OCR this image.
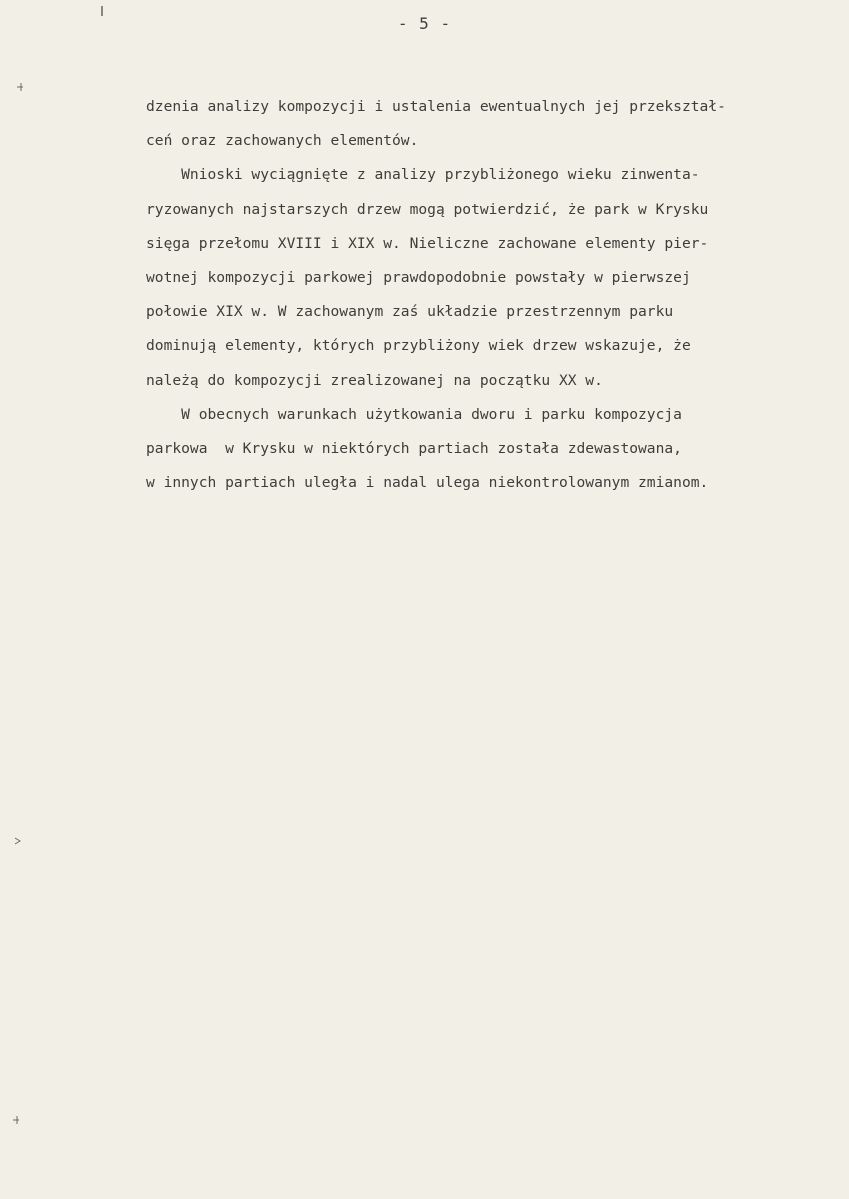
- 5 -
dzenia analizy kompozycji i ustalenia ewentualnych jej przekształ-
ceń oraz zachowanych elementów.
Wnioski wyciągnięte z analizy przybliżonego wieku zinwenta-
ryzowanych najstarszych drzew mogą potwierdzić, że park w Krysku
sięga przełomu XVIII i XIX w. Nieliczne zachowane elementy pier-
wotnej kompozycji parkowej prawdopodobnie powstały w pierwszej
połowie XIX w. W zachowanym zaś układzie przestrzennym parku
dominują elementy, których przybliżony wiek drzew wskazuje, że
należą do kompozycji zrealizowanej na początku XX w.
W obecnych warunkach użytkowania dworu i parku kompozycja
parkowa  w Krysku w niektórych partiach została zdewastowana,
w innych partiach uległa i nadal ulega niekontrolowanym zmianom.
